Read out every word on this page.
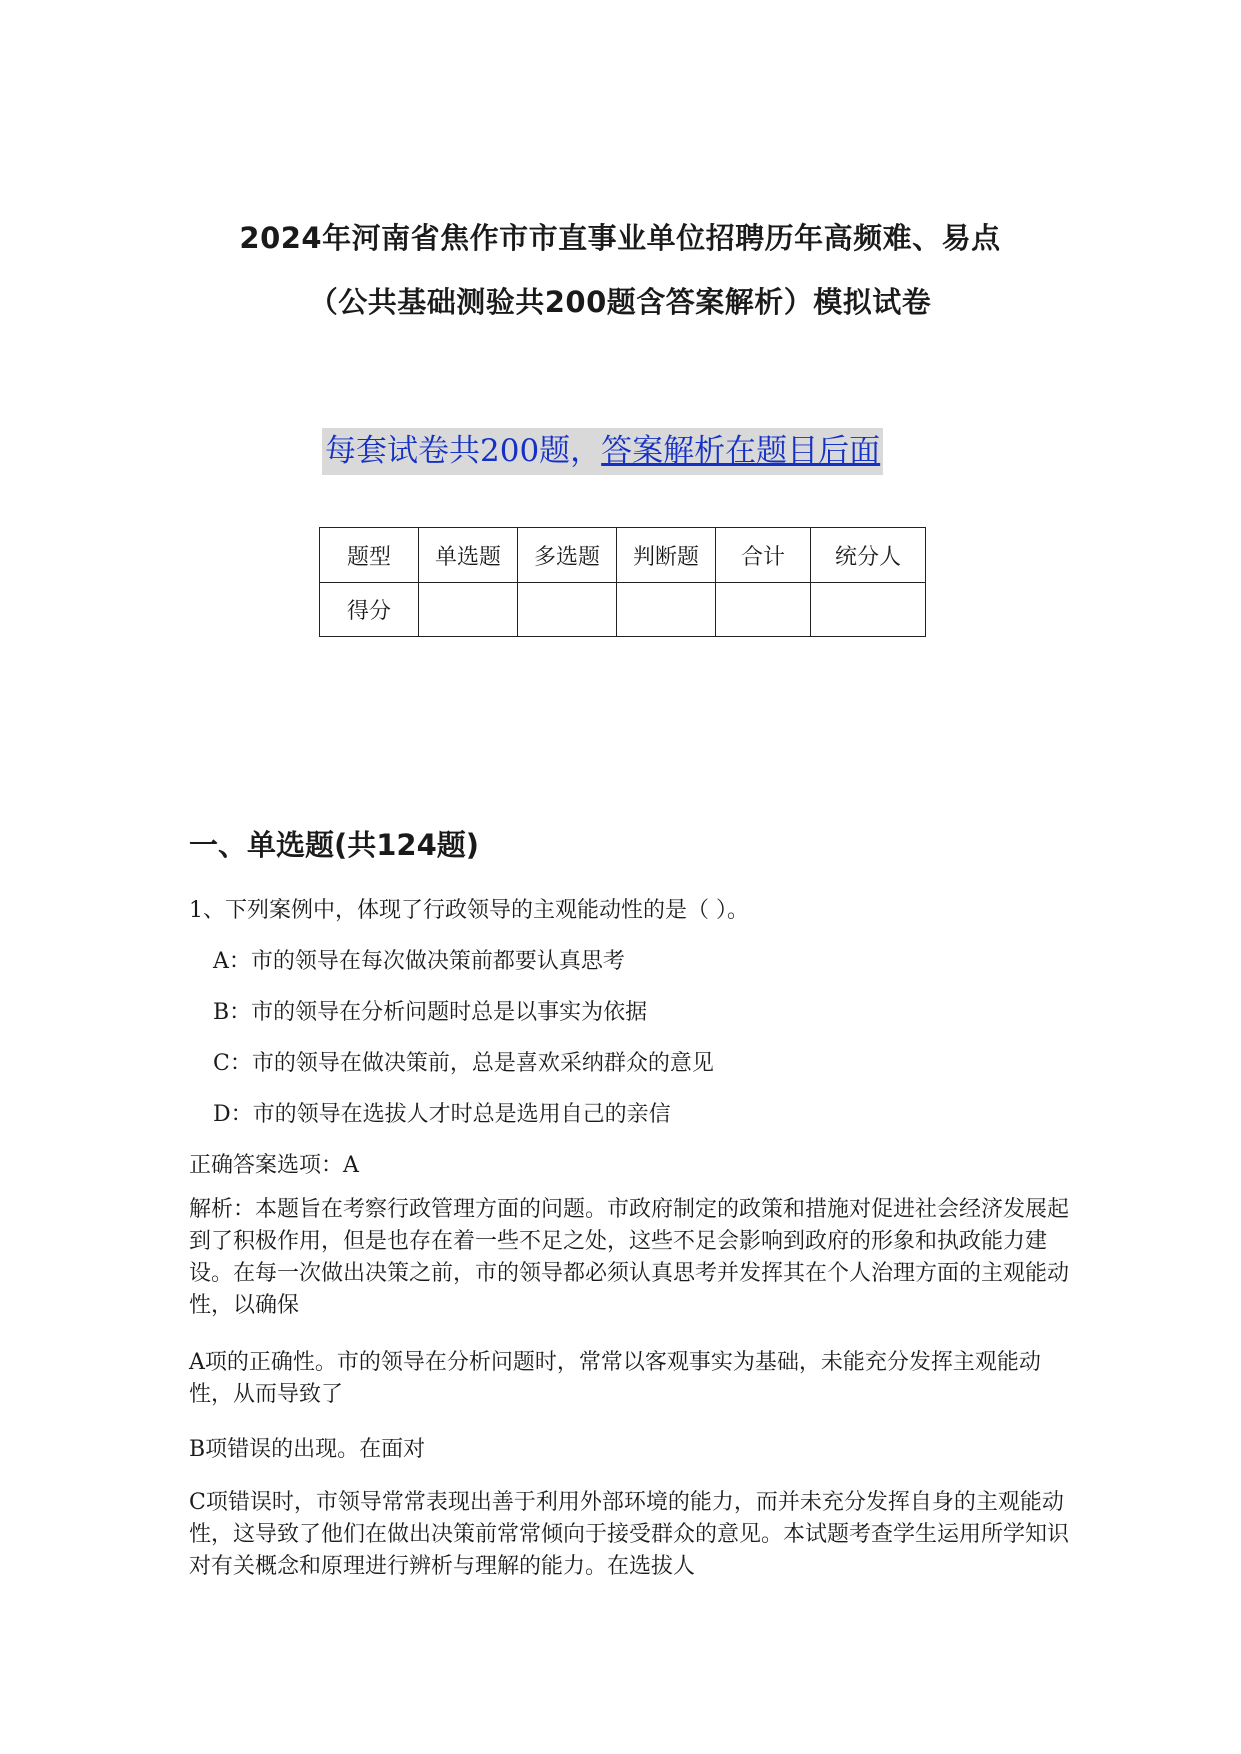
2024年河南省焦作市市直事业单位招聘历年高频难、易点
（公共基础测验共200题含答案解析）模拟试卷
每套试卷共200题，答案解析在题目后面
题型	单选题	多选题	判断题	合计	统分人
得分					
一、单选题(共124题)
1、下列案例中，体现了行政领导的主观能动性的是（ ）。
A：市的领导在每次做决策前都要认真思考
B：市的领导在分析问题时总是以事实为依据
C：市的领导在做决策前，总是喜欢采纳群众的意见
D：市的领导在选拔人才时总是选用自己的亲信
正确答案选项：A
解析：本题旨在考察行政管理方面的问题。市政府制定的政策和措施对促进社会经济发展起到了积极作用，但是也存在着一些不足之处，这些不足会影响到政府的形象和执政能力建设。在每一次做出决策之前，市的领导都必须认真思考并发挥其在个人治理方面的主观能动性，以确保
A项的正确性。市的领导在分析问题时，常常以客观事实为基础，未能充分发挥主观能动性，从而导致了
B项错误的出现。在面对
C项错误时，市领导常常表现出善于利用外部环境的能力，而并未充分发挥自身的主观能动性，这导致了他们在做出决策前常常倾向于接受群众的意见。本试题考查学生运用所学知识对有关概念和原理进行辨析与理解的能力。在选拔人
